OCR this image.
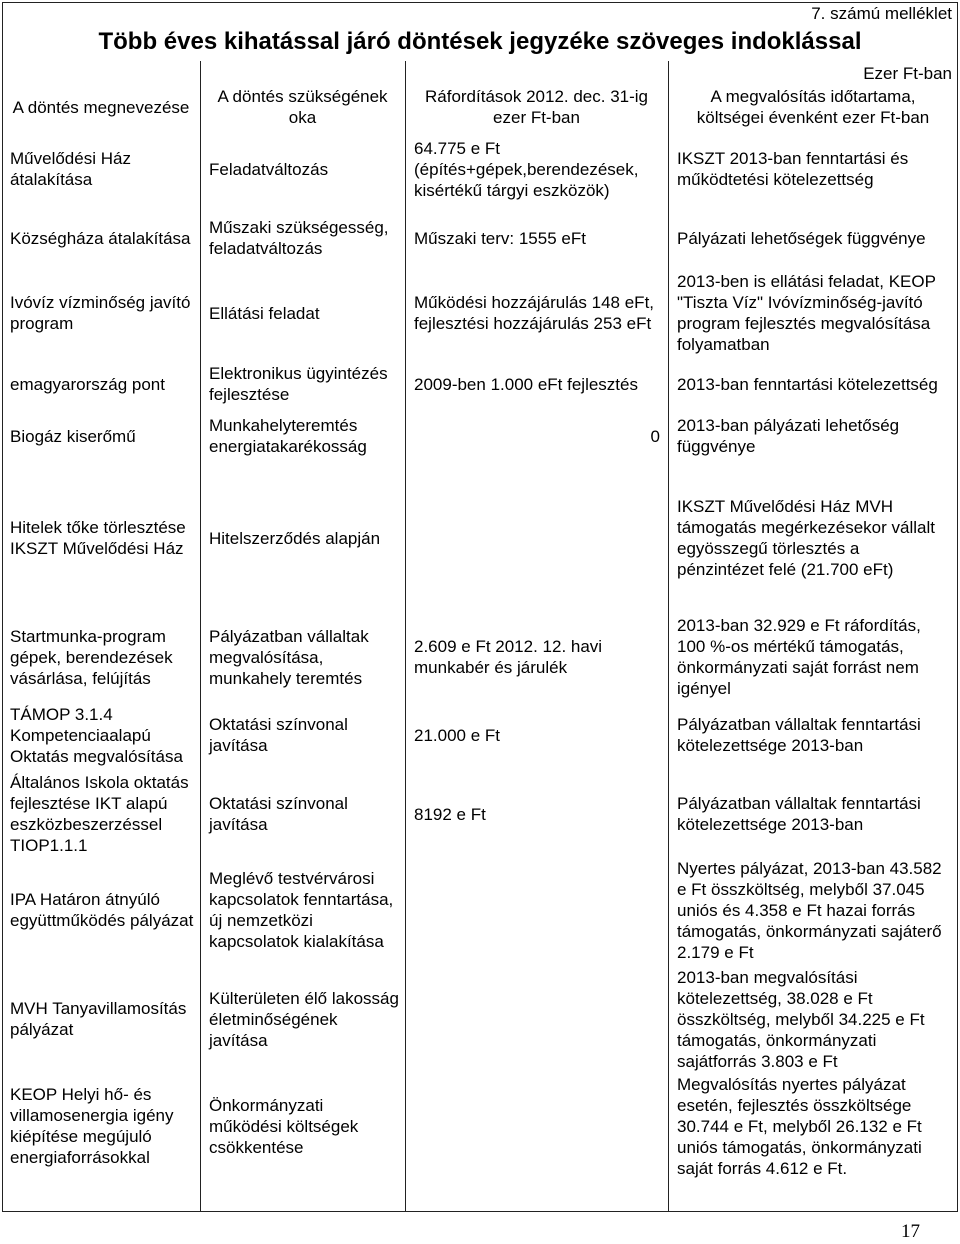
7. számú melléklet
Több éves kihatással járó döntések jegyzéke szöveges indoklással
Ezer Ft-ban
A döntés megnevezése
A döntés szükségének
oka
Ráfordítások 2012. dec. 31-ig
ezer Ft-ban
A megvalósítás időtartama,
költségei évenként ezer Ft-ban
Művelődési Ház
átalakítása
Feladatváltozás
64.775 e Ft
(építés+gépek,berendezések,
kisértékű tárgyi eszközök)
IKSZT 2013-ban fenntartási és
működtetési kötelezettség
Községháza átalakítása
Műszaki szükségesség,
feladatváltozás
Műszaki terv: 1555 eFt	Pályázati lehetőségek függvénye
Ivóvíz vízminőség javító
program
Ellátási feladat
Működési hozzájárulás 148 eFt,
fejlesztési hozzájárulás 253 eFt
2013-ben is ellátási feladat, KEOP
"Tiszta Víz" Ivóvízminőség-javító
program fejlesztés megvalósítása
folyamatban
emagyarország pont
Elektronikus ügyintézés
fejlesztése
2009-ben 1.000 eFt fejlesztés	2013-ban fenntartási kötelezettség
Biogáz kiserőmű
Munkahelyteremtés
energiatakarékosság
0
2013-ban pályázati lehetőség
függvénye
Hitelek tőke törlesztése
IKSZT Művelődési Ház
Hitelszerződés alapján
IKSZT Művelődési Ház MVH
támogatás megérkezésekor vállalt
egyösszegű törlesztés a
pénzintézet felé (21.700 eFt)
Startmunka-program
gépek, berendezések
vásárlása, felújítás
Pályázatban vállaltak
megvalósítása,
munkahely teremtés
2.609 e Ft 2012. 12. havi
munkabér és járulék
2013-ban 32.929 e Ft ráfordítás,
100 %-os mértékű támogatás,
önkormányzati saját forrást nem
igényel
TÁMOP 3.1.4
Kompetenciaalapú
Oktatás megvalósítása
Oktatási színvonal
javítása
21.000 e Ft
Pályázatban vállaltak fenntartási
kötelezettsége 2013-ban
Általános Iskola oktatás
fejlesztése IKT alapú
eszközbeszerzéssel
TIOP1.1.1
Oktatási színvonal
javítása
8192 e Ft
Pályázatban vállaltak fenntartási
kötelezettsége 2013-ban
IPA Határon átnyúló
együttműködés pályázat
Meglévő testvérvárosi
kapcsolatok fenntartása,
új nemzetközi
kapcsolatok kialakítása
Nyertes pályázat, 2013-ban 43.582
e Ft összköltség, melyből 37.045
uniós és 4.358 e Ft hazai forrás
támogatás, önkormányzati sajáterő
2.179 e Ft
MVH Tanyavillamosítás
pályázat
Külterületen élő lakosság
életminőségének
javítása
2013-ban megvalósítási
kötelezettség, 38.028 e Ft
összköltség, melyből 34.225 e Ft
támogatás, önkormányzati
sajátforrás 3.803 e Ft
KEOP Helyi hő- és
villamosenergia igény
kiépítése megújuló
energiaforrásokkal
Önkormányzati
működési költségek
csökkentése
Megvalósítás nyertes pályázat
esetén, fejlesztés összköltsége
30.744 e Ft, melyből 26.132 e Ft
uniós támogatás, önkormányzati
saját forrás 4.612 e Ft.
17
